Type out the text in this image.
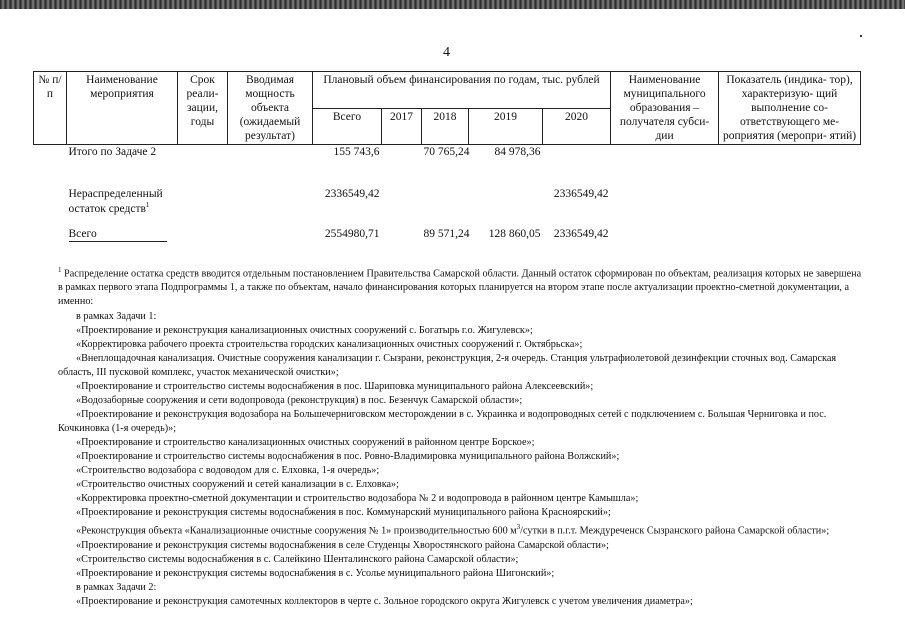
4
№ п/п	Наименование мероприятия	Срок реали- зации, годы	Вводимая мощность объекта (ожидаемый результат)	Плановый объем финансирования по годам, тыс. рублей					Наименование муниципального образования – получателя субси- дии	Показатель (индика- тор), характеризую- щий выполнение со- ответствующего ме- роприятия (меропри- ятий)
				Всего	2017	2018	2019	2020		
	Итого по Задаче 2			155 743,6		70 765,24	84 978,36			
	Нераспределенный остаток средств$^1$			2336549,42				2336549,42		
	Всего			2554980,71		89 571,24	128 860,05	2336549,42		

$^1$ Распределение остатка средств вводится отдельным постановлением Правительства Самарской области. Данный остаток сформирован по объектам, реализация которых не завершена в рамках первого этапа Подпрограммы 1, а также по объектам, начало финансирования которых планируется на втором этапе после актуализации проектно-сметной документации, а именно:

в рамках Задачи 1:

«Проектирование и реконструкция канализационных очистных сооружений с. Богатырь г.о. Жигулевск»;

«Корректировка рабочего проекта строительства городских канализационных очистных сооружений г. Октябрьска»;

«Внеплощадочная канализация. Очистные сооружения канализации г. Сызрани, реконструкция, 2-я очередь. Станция ультрафиолетовой дезинфекции сточных вод. Самарская область, III пусковой комплекс, участок механической очистки»;

«Проектирование и строительство системы водоснабжения в пос. Шариповка муниципального района Алексеевский»;

«Водозаборные сооружения и сети водопровода (реконструкция) в пос. Безенчук Самарской области»;

«Проектирование и реконструкция водозабора на Большечерниговском месторождении в с. Украинка и водопроводных сетей с подключением с. Большая Черниговка и пос. Кочкиновка (1-я очередь)»;

«Проектирование и строительство канализационных очистных сооружений в районном центре Борское»;

«Проектирование и строительство системы водоснабжения в пос. Ровно-Владимировка муниципального района Волжский»;

«Строительство водозабора с водоводом для с. Елховка, 1-я очередь»;

«Строительство очистных сооружений и сетей канализации в с. Елховка»;

«Корректировка проектно-сметной документации и строительство водозабора № 2 и водопровода в районном центре Камышла»;

«Проектирование и реконструкция системы водоснабжения в пос. Коммунарский муниципального района Красноярский»;

«Реконструкция объекта «Канализационные очистные сооружения № 1» производительностью 600 $м^3$/сутки в п.г.т. Междуреченск Сызранского района Самарской области»;

«Проектирование и реконструкция системы водоснабжения в селе Студенцы Хворостянского района Самарской области»;

«Строительство системы водоснабжения в с. Салейкино Шенталинского района Самарской области»;

«Проектирование и реконструкция системы водоснабжения в с. Усолье муниципального района Шигонский»;

в рамках Задачи 2:

«Проектирование и реконструкция самотечных коллекторов в черте с. Зольное городского округа Жигулевск с учетом увеличения диаметра»;
